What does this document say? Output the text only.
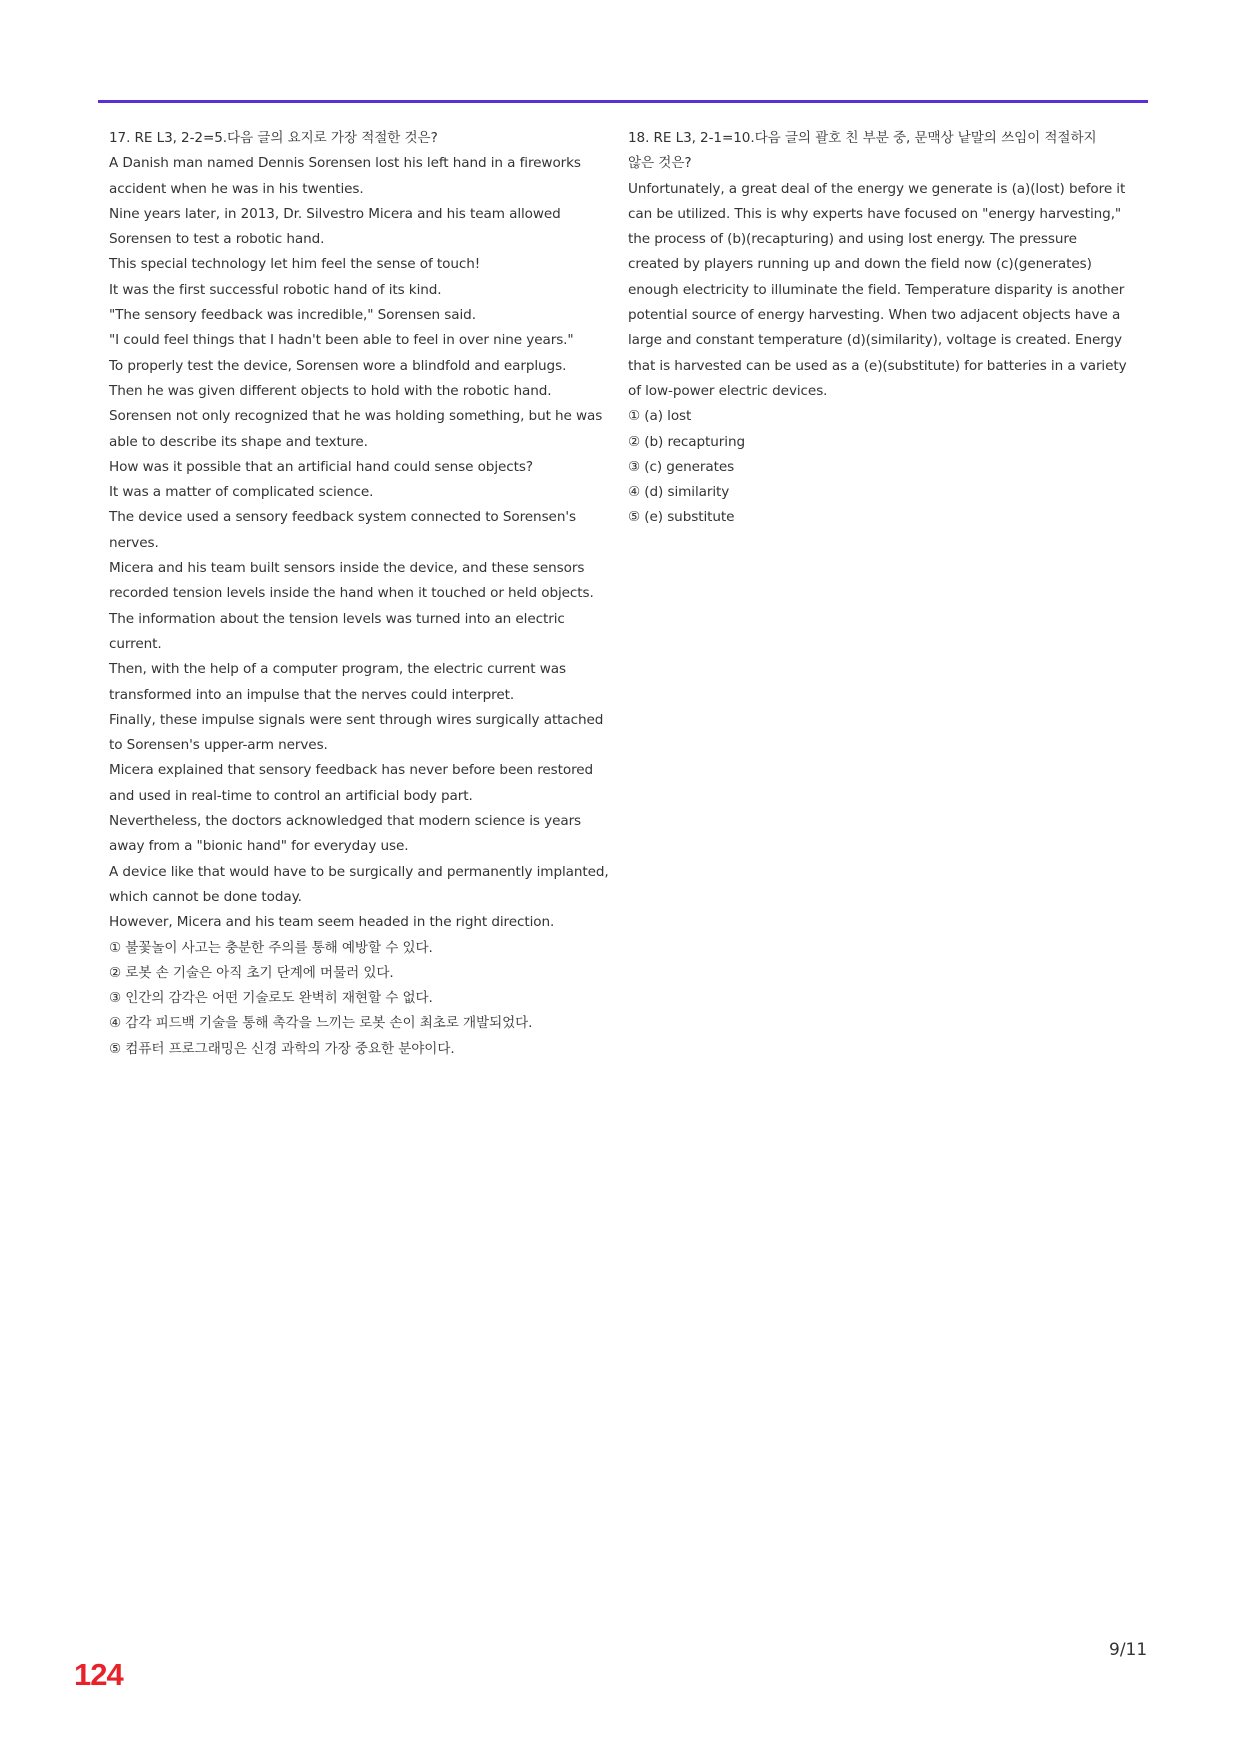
17. RE L3, 2-2=5.다음 글의 요지로 가장 적절한 것은?
A Danish man named Dennis Sorensen lost his left hand in a fireworks
accident when he was in his twenties.
Nine years later, in 2013, Dr. Silvestro Micera and his team allowed
Sorensen to test a robotic hand.
This special technology let him feel the sense of touch!
It was the first successful robotic hand of its kind.
"The sensory feedback was incredible," Sorensen said.
"I could feel things that I hadn't been able to feel in over nine years."
To properly test the device, Sorensen wore a blindfold and earplugs.
Then he was given different objects to hold with the robotic hand.
Sorensen not only recognized that he was holding something, but he was
able to describe its shape and texture.
How was it possible that an artificial hand could sense objects?
It was a matter of complicated science.
The device used a sensory feedback system connected to Sorensen's
nerves.
Micera and his team built sensors inside the device, and these sensors
recorded tension levels inside the hand when it touched or held objects.
The information about the tension levels was turned into an electric
current.
Then, with the help of a computer program, the electric current was
transformed into an impulse that the nerves could interpret.
Finally, these impulse signals were sent through wires surgically attached
to Sorensen's upper-arm nerves.
Micera explained that sensory feedback has never before been restored
and used in real-time to control an artificial body part.
Nevertheless, the doctors acknowledged that modern science is years
away from a "bionic hand" for everyday use.
A device like that would have to be surgically and permanently implanted,
which cannot be done today.
However, Micera and his team seem headed in the right direction.
① 불꽃놀이 사고는 충분한 주의를 통해 예방할 수 있다.
② 로봇 손 기술은 아직 초기 단계에 머물러 있다.
③ 인간의 감각은 어떤 기술로도 완벽히 재현할 수 없다.
④ 감각 피드백 기술을 통해 촉각을 느끼는 로봇 손이 최초로 개발되었다.
⑤ 컴퓨터 프로그래밍은 신경 과학의 가장 중요한 분야이다.
18. RE L3, 2-1=10.다음 글의 괄호 친 부분 중, 문맥상 낱말의 쓰임이 적절하지
않은 것은?
Unfortunately, a great deal of the energy we generate is (a)(lost) before it
can be utilized. This is why experts have focused on "energy harvesting,"
the process of (b)(recapturing) and using lost energy. The pressure
created by players running up and down the field now (c)(generates)
enough electricity to illuminate the field. Temperature disparity is another
potential source of energy harvesting. When two adjacent objects have a
large and constant temperature (d)(similarity), voltage is created. Energy
that is harvested can be used as a (e)(substitute) for batteries in a variety
of low-power electric devices.
① (a) lost
② (b) recapturing
③ (c) generates
④ (d) similarity
⑤ (e) substitute
9/11
124
